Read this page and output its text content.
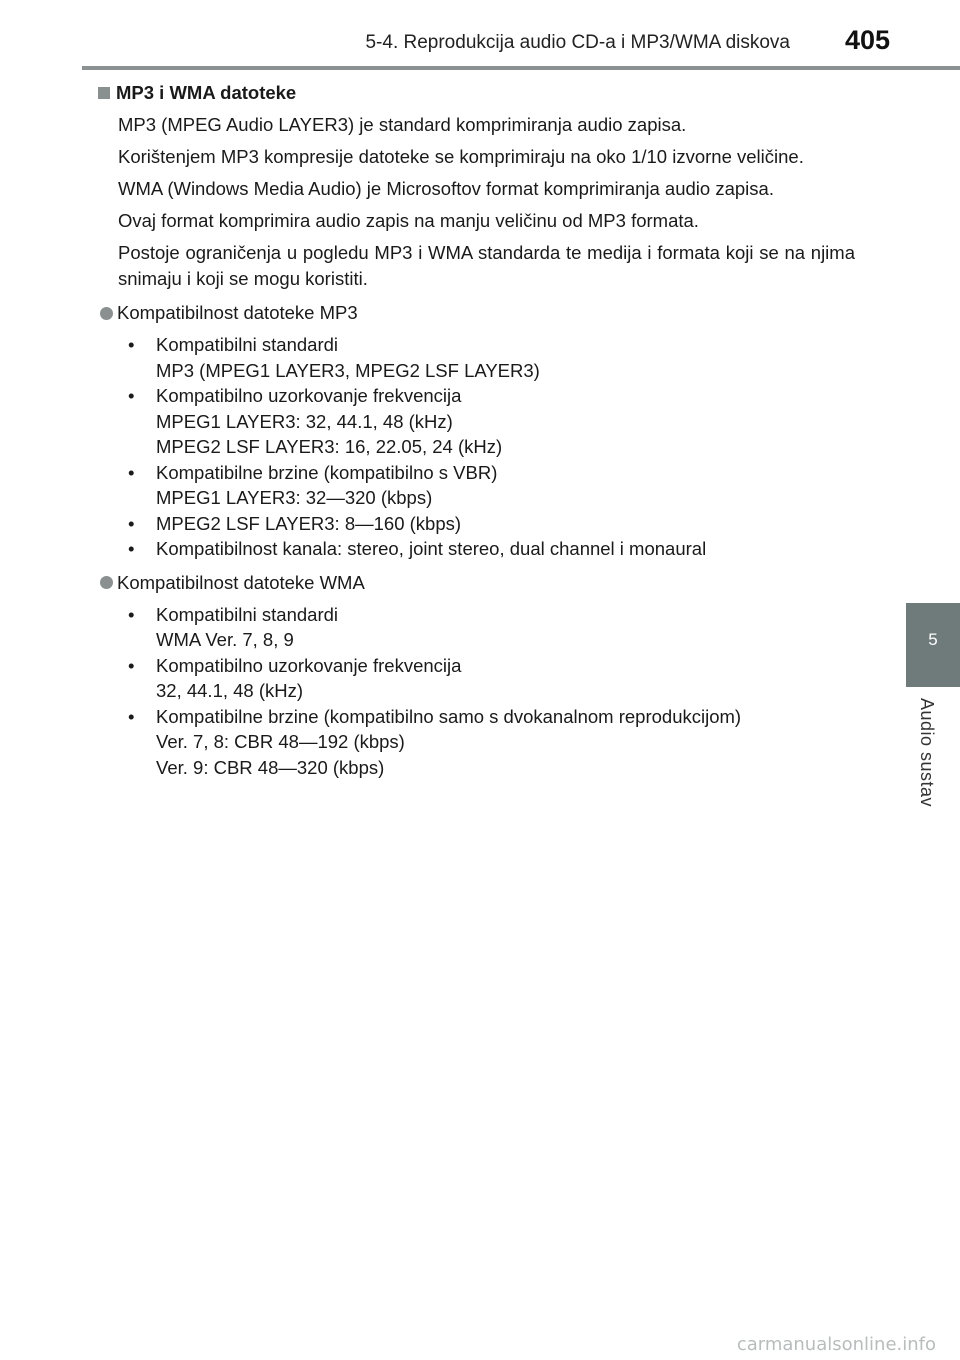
5-4. Reprodukcija audio CD-a i MP3/WMA diskova 405
5
Audio sustav
MP3 i WMA datoteke

MP3 (MPEG Audio LAYER3) je standard komprimiranja audio zapisa.

Korištenjem MP3 kompresije datoteke se komprimiraju na oko 1/10 izvorne veličine.

WMA (Windows Media Audio) je Microsoftov format komprimiranja audio zapisa.

Ovaj format komprimira audio zapis na manju veličinu od MP3 formata.

Postoje ograničenja u pogledu MP3 i WMA standarda te medija i formata koji se na njima snimaju i koji se mogu koristiti.

Kompatibilnost datoteke MP3
• Kompatibilni standardi
MP3 (MPEG1 LAYER3, MPEG2 LSF LAYER3)
• Kompatibilno uzorkovanje frekvencija
MPEG1 LAYER3: 32, 44.1, 48 (kHz)
MPEG2 LSF LAYER3: 16, 22.05, 24 (kHz)
• Kompatibilne brzine (kompatibilno s VBR)
MPEG1 LAYER3: 32—320 (kbps)
• MPEG2 LSF LAYER3: 8—160 (kbps)
• Kompatibilnost kanala: stereo, joint stereo, dual channel i monaural
Kompatibilnost datoteke WMA
• Kompatibilni standardi
WMA Ver. 7, 8, 9
• Kompatibilno uzorkovanje frekvencija
32, 44.1, 48 (kHz)
• Kompatibilne brzine (kompatibilno samo s dvokanalnom reprodukcijom)
Ver. 7, 8: CBR 48—192 (kbps)
Ver. 9: CBR 48—320 (kbps)
carmanualsonline.info
